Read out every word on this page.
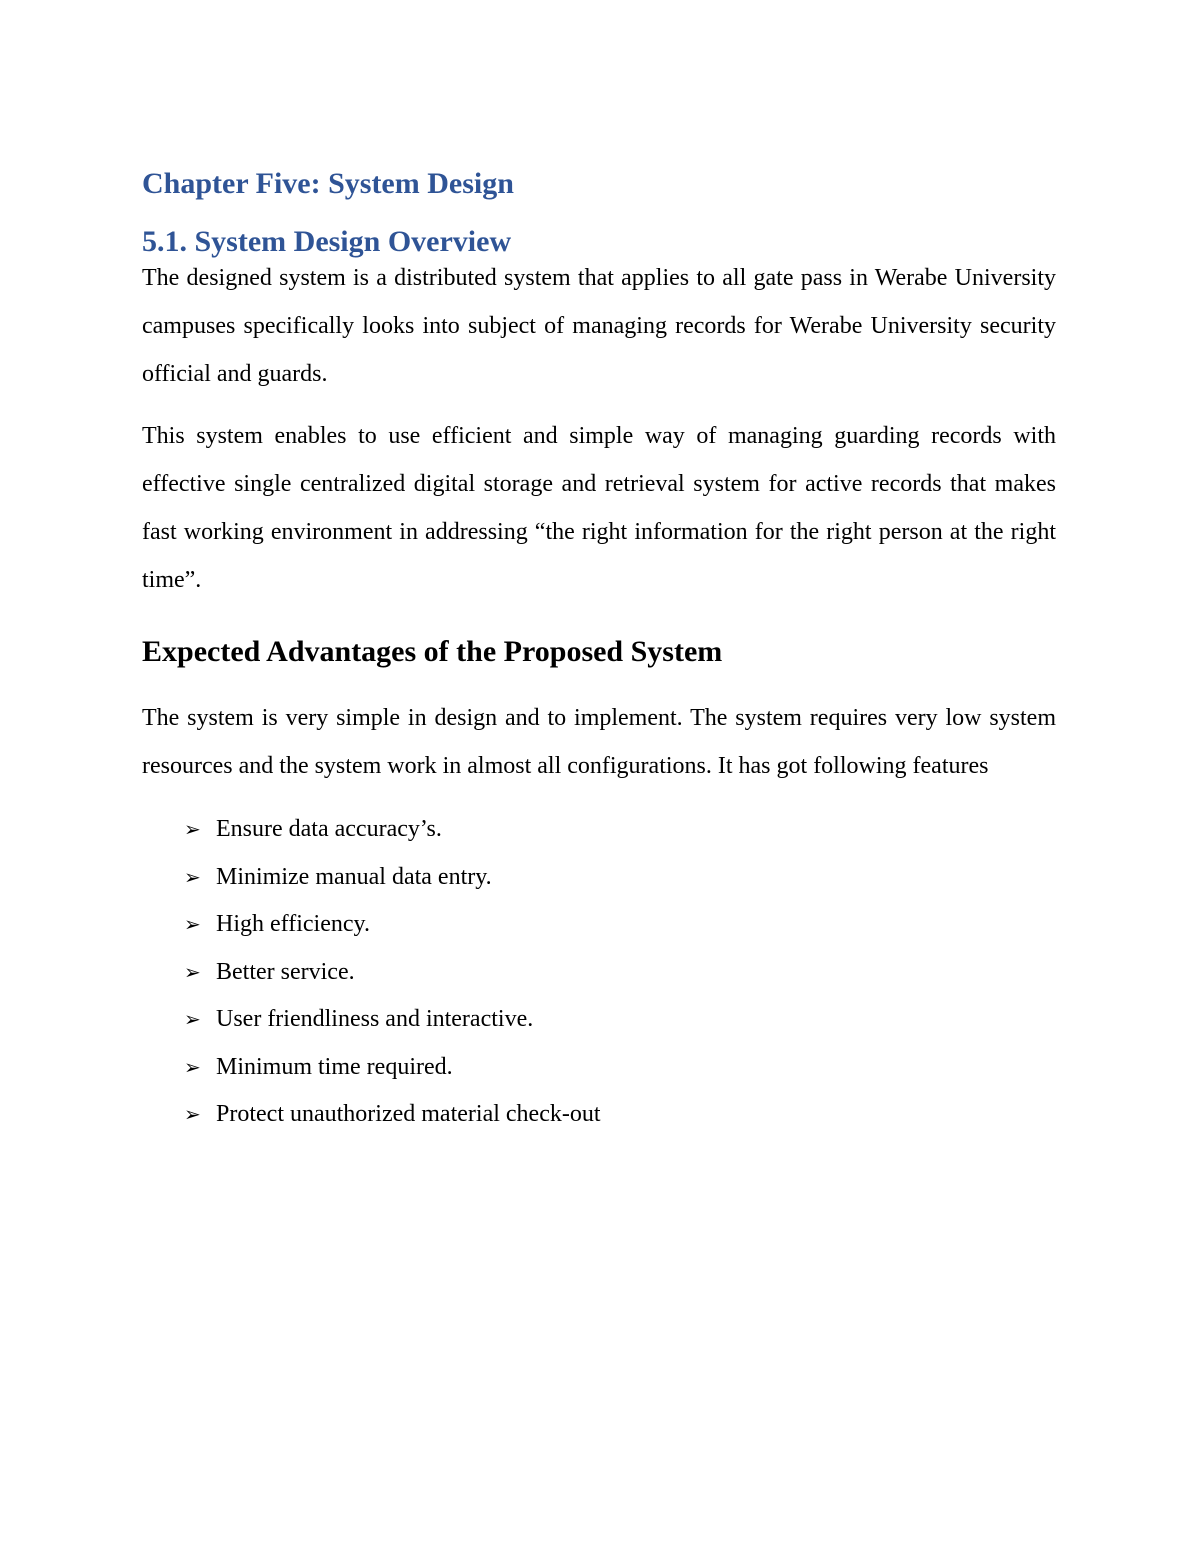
Chapter Five: System Design
5.1. System Design Overview

The designed system is a distributed system that applies to all gate pass in Werabe University campuses specifically looks into subject of managing records for Werabe University security official and guards.

This system enables to use efficient and simple way of managing guarding records with effective single centralized digital storage and retrieval system for active records that makes fast working environment in addressing “the right information for the right person at the right time”.

Expected Advantages of the Proposed System

The system is very simple in design and to implement. The system requires very low system resources and the system work in almost all configurations. It has got following features

➢ Ensure data accuracy’s.
➢ Minimize manual data entry.
➢ High efficiency.
➢ Better service.
➢ User friendliness and interactive.
➢ Minimum time required.
➢ Protect unauthorized material check-out
